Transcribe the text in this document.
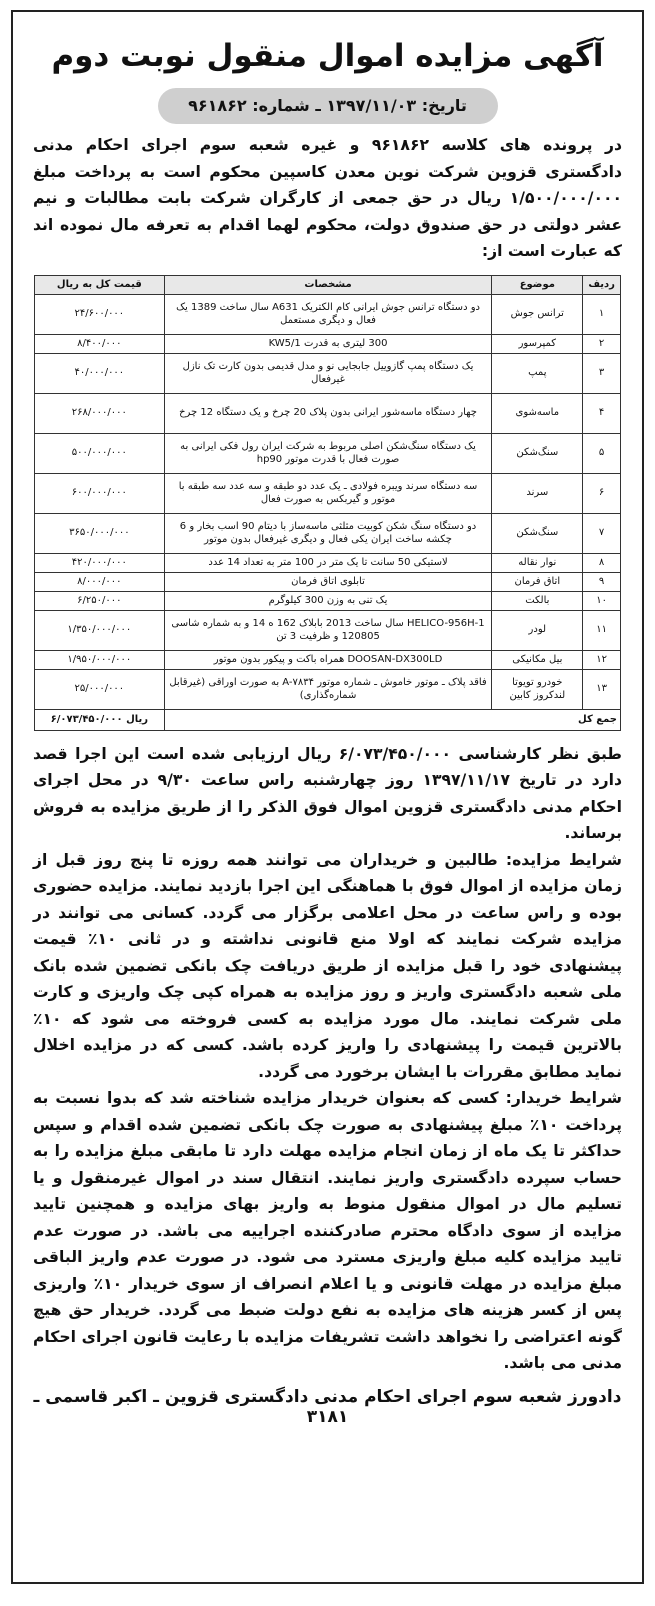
آگهی مزایده اموال منقول نوبت دوم
تاریخ: ۱۳۹۷/۱۱/۰۳ ـ شماره: ۹۶۱۸۶۲
در پرونده های کلاسه ۹۶۱۸۶۲ و غیره شعبه سوم اجرای احکام مدنی دادگستری قزوین شرکت نوین معدن کاسپین محکوم است به پرداخت مبلغ ۱/۵۰۰/۰۰۰/۰۰۰ ریال در حق جمعی از کارگران شرکت بابت مطالبات و نیم عشر دولتی در حق صندوق دولت، محکوم لهما اقدام به تعرفه مال نموده اند که عبارت است از:
ردیف	موضوع	مشخصات	قیمت کل به ریال
۱	ترانس جوش	دو دستگاه ترانس جوش ایرانی کام الکتریک A631 سال ساخت 1389 یک فعال و دیگری مستعمل	۲۴/۶۰۰/۰۰۰
۲	کمپرسور	300 لیتری به قدرت KW5/1	۸/۴۰۰/۰۰۰
۳	پمپ	یک دستگاه پمپ گازوییل جابجایی نو و مدل قدیمی بدون کارت تک نازل غیرفعال	۴۰/۰۰۰/۰۰۰
۴	ماسه‌شوی	چهار دستگاه ماسه‌شور ایرانی بدون پلاک 20 چرخ و یک دستگاه 12 چرخ	۲۶۸/۰۰۰/۰۰۰
۵	سنگ‌شکن	یک دستگاه سنگ‌شکن اصلی مربوط به شرکت ایران رول فکی ایرانی به صورت فعال با قدرت موتور hp90	۵۰۰/۰۰۰/۰۰۰
۶	سرند	سه دستگاه سرند ویبره فولادی ـ یک عدد دو طبقه و سه عدد سه طبقه با موتور و گیربکس به صورت فعال	۶۰۰/۰۰۰/۰۰۰
۷	سنگ‌شکن	دو دستگاه سنگ شکن کوبیت مثلثی ماسه‌ساز با دیتام 90 اسب بخار و 6 چکشه ساخت ایران یکی فعال و دیگری غیرفعال بدون موتور	۳۶۵۰/۰۰۰/۰۰۰
۸	نوار نقاله	لاستیکی 50 سانت تا یک متر در 100 متر به تعداد 14 عدد	۴۲۰/۰۰۰/۰۰۰
۹	اتاق فرمان	تابلوی اتاق فرمان	۸/۰۰۰/۰۰۰
۱۰	بالکت	یک تنی به وزن 300 کیلوگرم	۶/۲۵۰/۰۰۰
۱۱	لودر	HELICO-956H-1 سال ساخت 2013 بابلاک 162 ه 14 و به شماره شاسی 120805 و ظرفیت 3 تن	۱/۳۵۰/۰۰۰/۰۰۰
۱۲	بیل مکانیکی	DOOSAN-DX300LD همراه باکت و پیکور بدون موتور	۱/۹۵۰/۰۰۰/۰۰۰
۱۳	خودرو تویوتا لندکروز کابین	فاقد پلاک ـ موتور خاموش ـ شماره موتور A-۷۸۳۴ به صورت اوراقی (غیرقابل شماره‌گذاری)	۲۵/۰۰۰/۰۰۰
جمع کل			۶/۰۷۳/۴۵۰/۰۰۰ ریال
طبق نظر کارشناسی ۶/۰۷۳/۴۵۰/۰۰۰ ریال ارزیابی شده است این اجرا قصد دارد در تاریخ ۱۳۹۷/۱۱/۱۷ روز چهارشنبه راس ساعت ۹/۳۰ در محل اجرای احکام مدنی دادگستری قزوین اموال فوق الذکر را از طریق مزایده به فروش برساند.
شرایط مزایده: طالبین و خریداران می توانند همه روزه تا پنج روز قبل از زمان مزایده از اموال فوق با هماهنگی این اجرا بازدید نمایند. مزایده حضوری بوده و راس ساعت در محل اعلامی برگزار می گردد. کسانی می توانند در مزایده شرکت نمایند که اولا منع قانونی نداشته و در ثانی ۱۰٪ قیمت پیشنهادی خود را قبل مزایده از طریق دریافت چک بانکی تضمین شده بانک ملی شعبه دادگستری واریز و روز مزایده به همراه کپی چک واریزی و کارت ملی شرکت نمایند. مال مورد مزایده به کسی فروخته می شود که ۱۰٪ بالاترین قیمت را پیشنهادی را واریز کرده باشد. کسی که در مزایده اخلال نماید مطابق مقررات با ایشان برخورد می گردد.
شرایط خریدار: کسی که بعنوان خریدار مزایده شناخته شد که بدوا نسبت به پرداخت ۱۰٪ مبلغ پیشنهادی به صورت چک بانکی تضمین شده اقدام و سپس حداکثر تا یک ماه از زمان انجام مزایده مهلت دارد تا مابقی مبلغ مزایده را به حساب سپرده دادگستری واریز نمایند. انتقال سند در اموال غیرمنقول و یا تسلیم مال در اموال منقول منوط به واریز بهای مزایده و همچنین تایید مزایده از سوی دادگاه محترم صادرکننده اجراییه می باشد. در صورت عدم تایید مزایده کلیه مبلغ واریزی مسترد می شود. در صورت عدم واریز الباقی مبلغ مزایده در مهلت قانونی و یا اعلام انصراف از سوی خریدار ۱۰٪ واریزی پس از کسر هزینه های مزایده به نفع دولت ضبط می گردد. خریدار حق هیچ گونه اعتراضی را نخواهد داشت تشریفات مزایده با رعایت قانون اجرای احکام مدنی می باشد.
دادورز شعبه سوم اجرای احکام مدنی دادگستری قزوین ـ اکبر قاسمی ـ ۳۱۸۱
